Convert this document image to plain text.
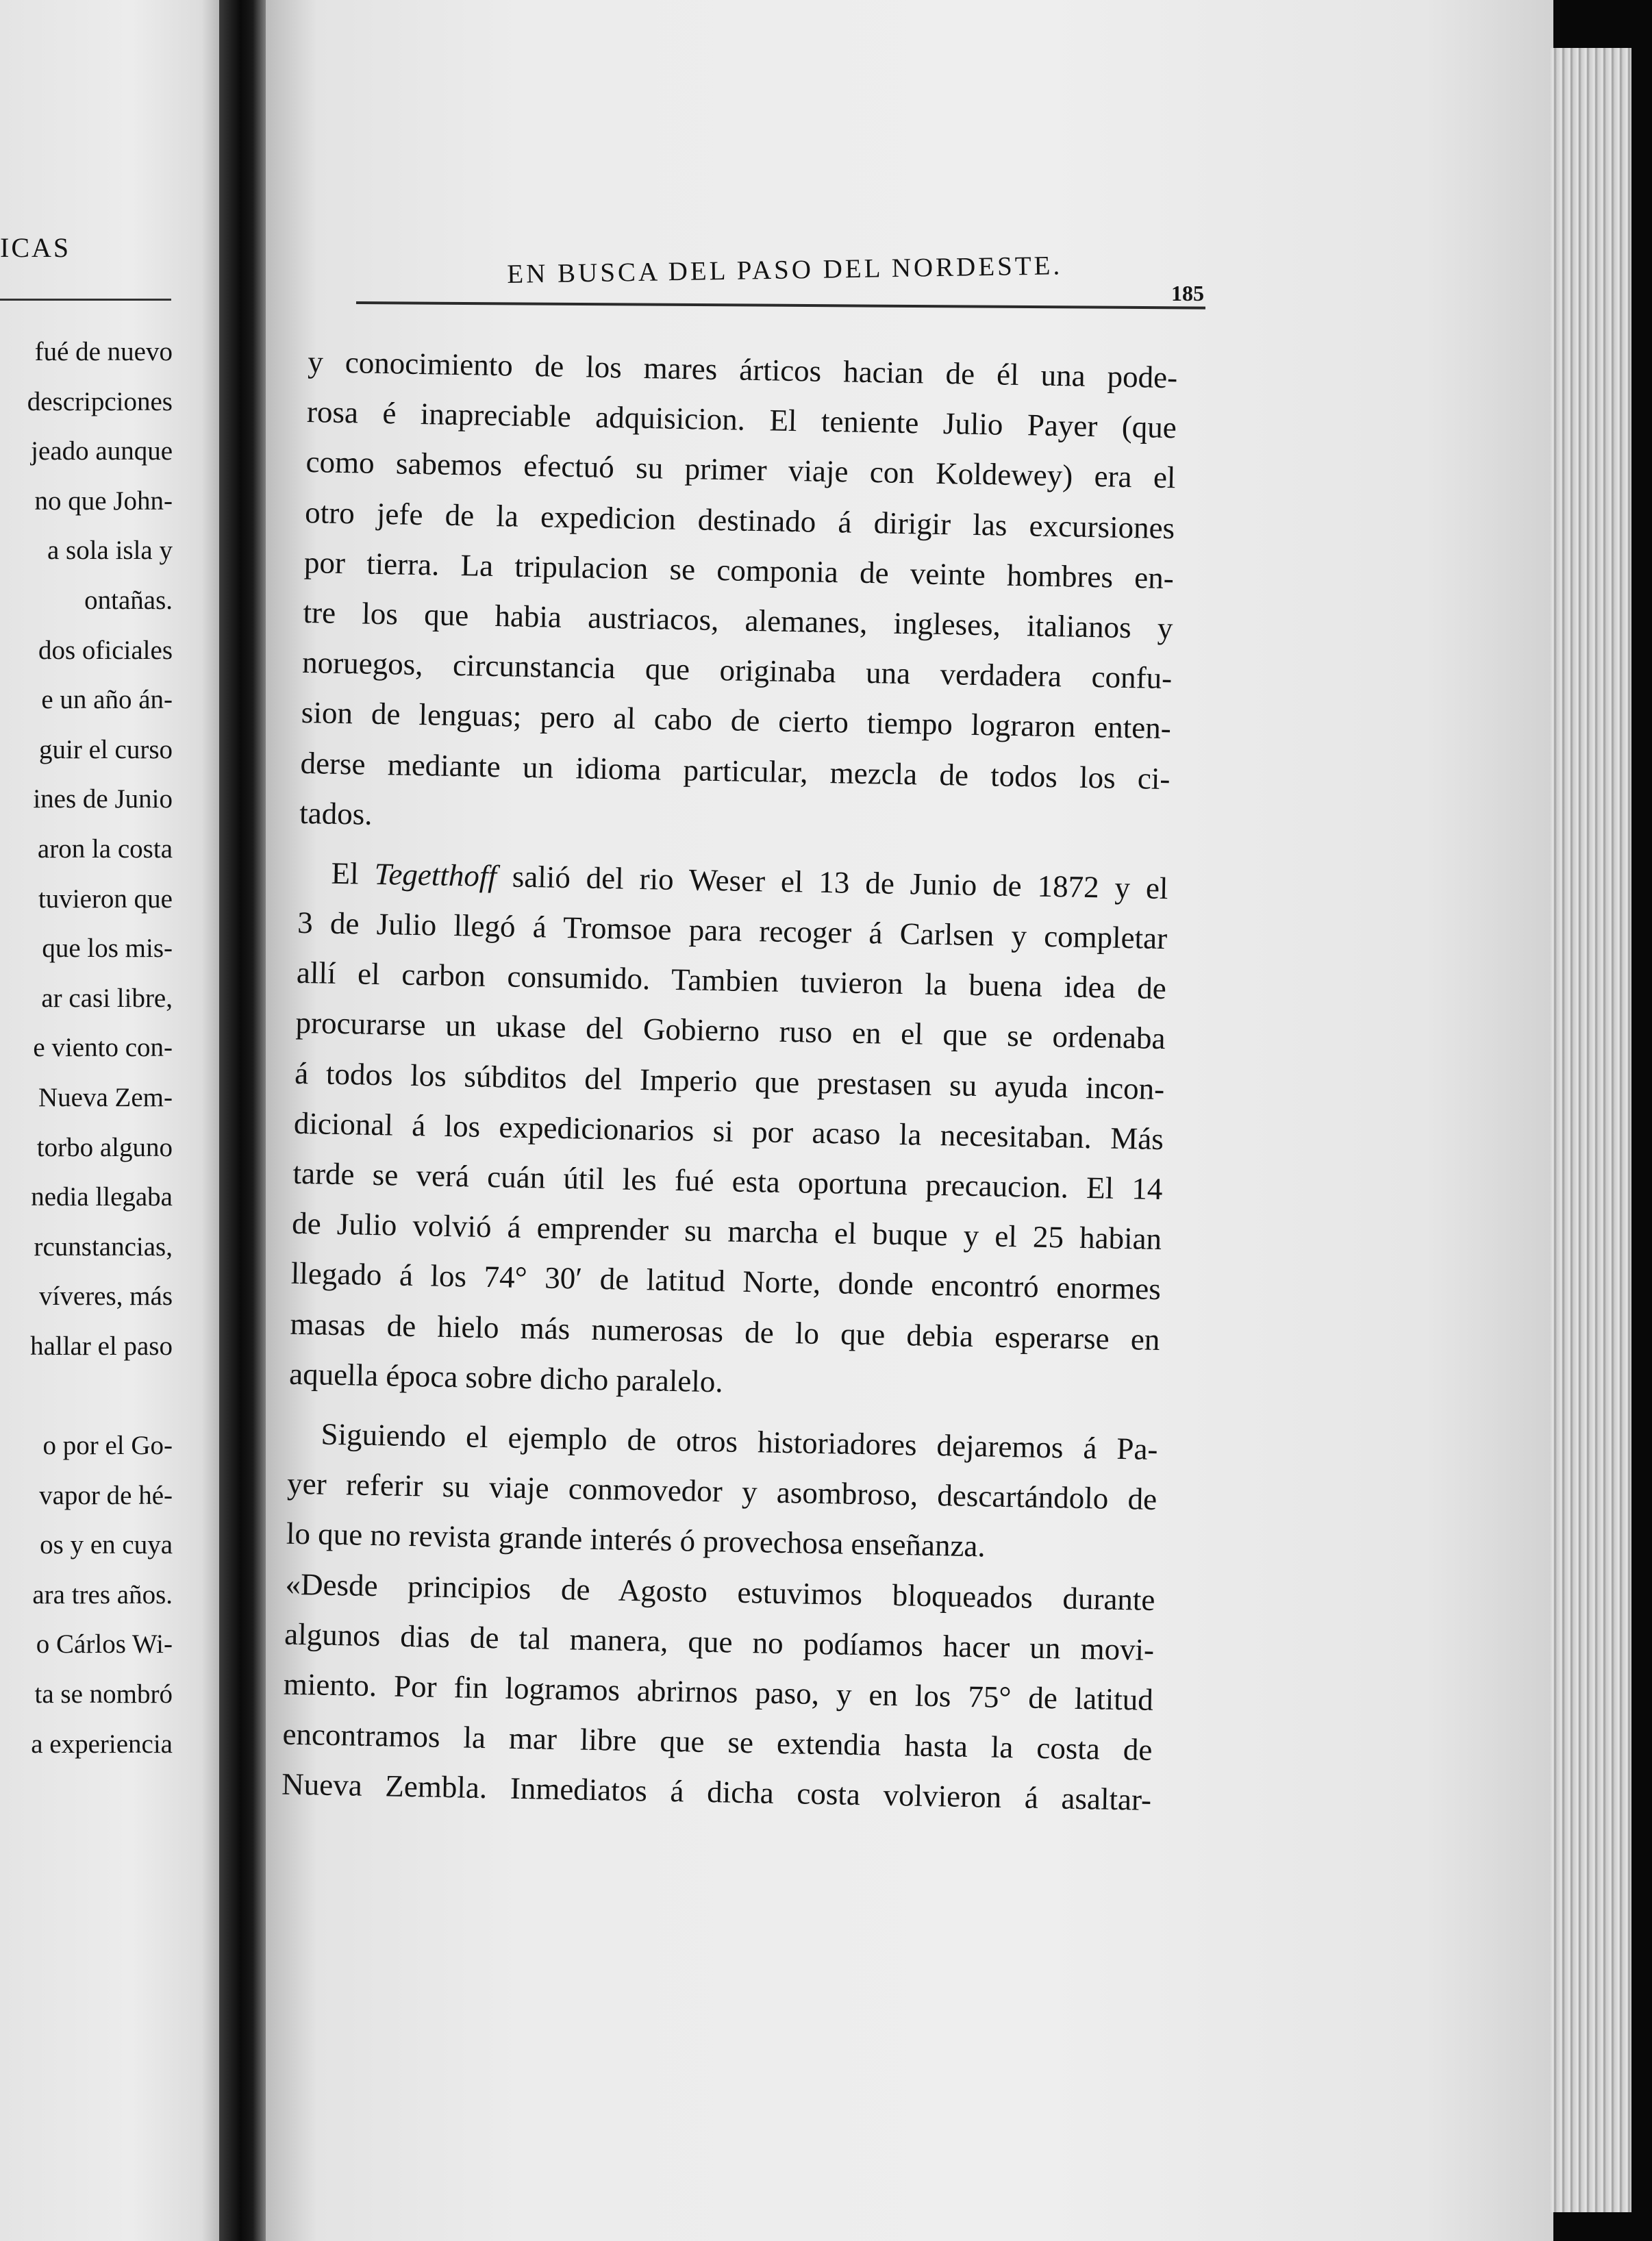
ICAS
fué de nuevo
descripciones
jeado aunque
no que John-
a sola isla y
ontañas.
dos oficiales
e un año án-
guir el curso
ines de Junio
aron la costa
tuvieron que
que los mis-
ar casi libre,
e viento con-
Nueva Zem-
torbo alguno
nedia llegaba
rcunstancias,
víveres, más
hallar el paso
o por el Go-
vapor de hé-
os y en cuya
ara tres años.
o Cárlos Wi-
ta se nombró
a experiencia
EN BUSCA DEL PASO DEL NORDESTE.
185
y conocimiento de los mares árticos hacian de él una pode-
rosa é inapreciable adquisicion. El teniente Julio Payer (que
como sabemos efectuó su primer viaje con Koldewey) era el
otro jefe de la expedicion destinado á dirigir las excursiones
por tierra. La tripulacion se componia de veinte hombres en-
tre los que habia austriacos, alemanes, ingleses, italianos y
noruegos, circunstancia que originaba una verdadera confu-
sion de lenguas; pero al cabo de cierto tiempo lograron enten-
derse mediante un idioma particular, mezcla de todos los ci-
tados.
El Tegetthoff salió del rio Weser el 13 de Junio de 1872 y el
3 de Julio llegó á Tromsoe para recoger á Carlsen y completar
allí el carbon consumido. Tambien tuvieron la buena idea de
procurarse un ukase del Gobierno ruso en el que se ordenaba
á todos los súbditos del Imperio que prestasen su ayuda incon-
dicional á los expedicionarios si por acaso la necesitaban. Más
tarde se verá cuán útil les fué esta oportuna precaucion. El 14
de Julio volvió á emprender su marcha el buque y el 25 habian
llegado á los 74° 30′ de latitud Norte, donde encontró enormes
masas de hielo más numerosas de lo que debia esperarse en
aquella época sobre dicho paralelo.
Siguiendo el ejemplo de otros historiadores dejaremos á Pa-
yer referir su viaje conmovedor y asombroso, descartándolo de
lo que no revista grande interés ó provechosa enseñanza.
«Desde principios de Agosto estuvimos bloqueados durante
algunos dias de tal manera, que no podíamos hacer un movi-
miento. Por fin logramos abrirnos paso, y en los 75° de latitud
encontramos la mar libre que se extendia hasta la costa de
Nueva Zembla. Inmediatos á dicha costa volvieron á asaltar-
